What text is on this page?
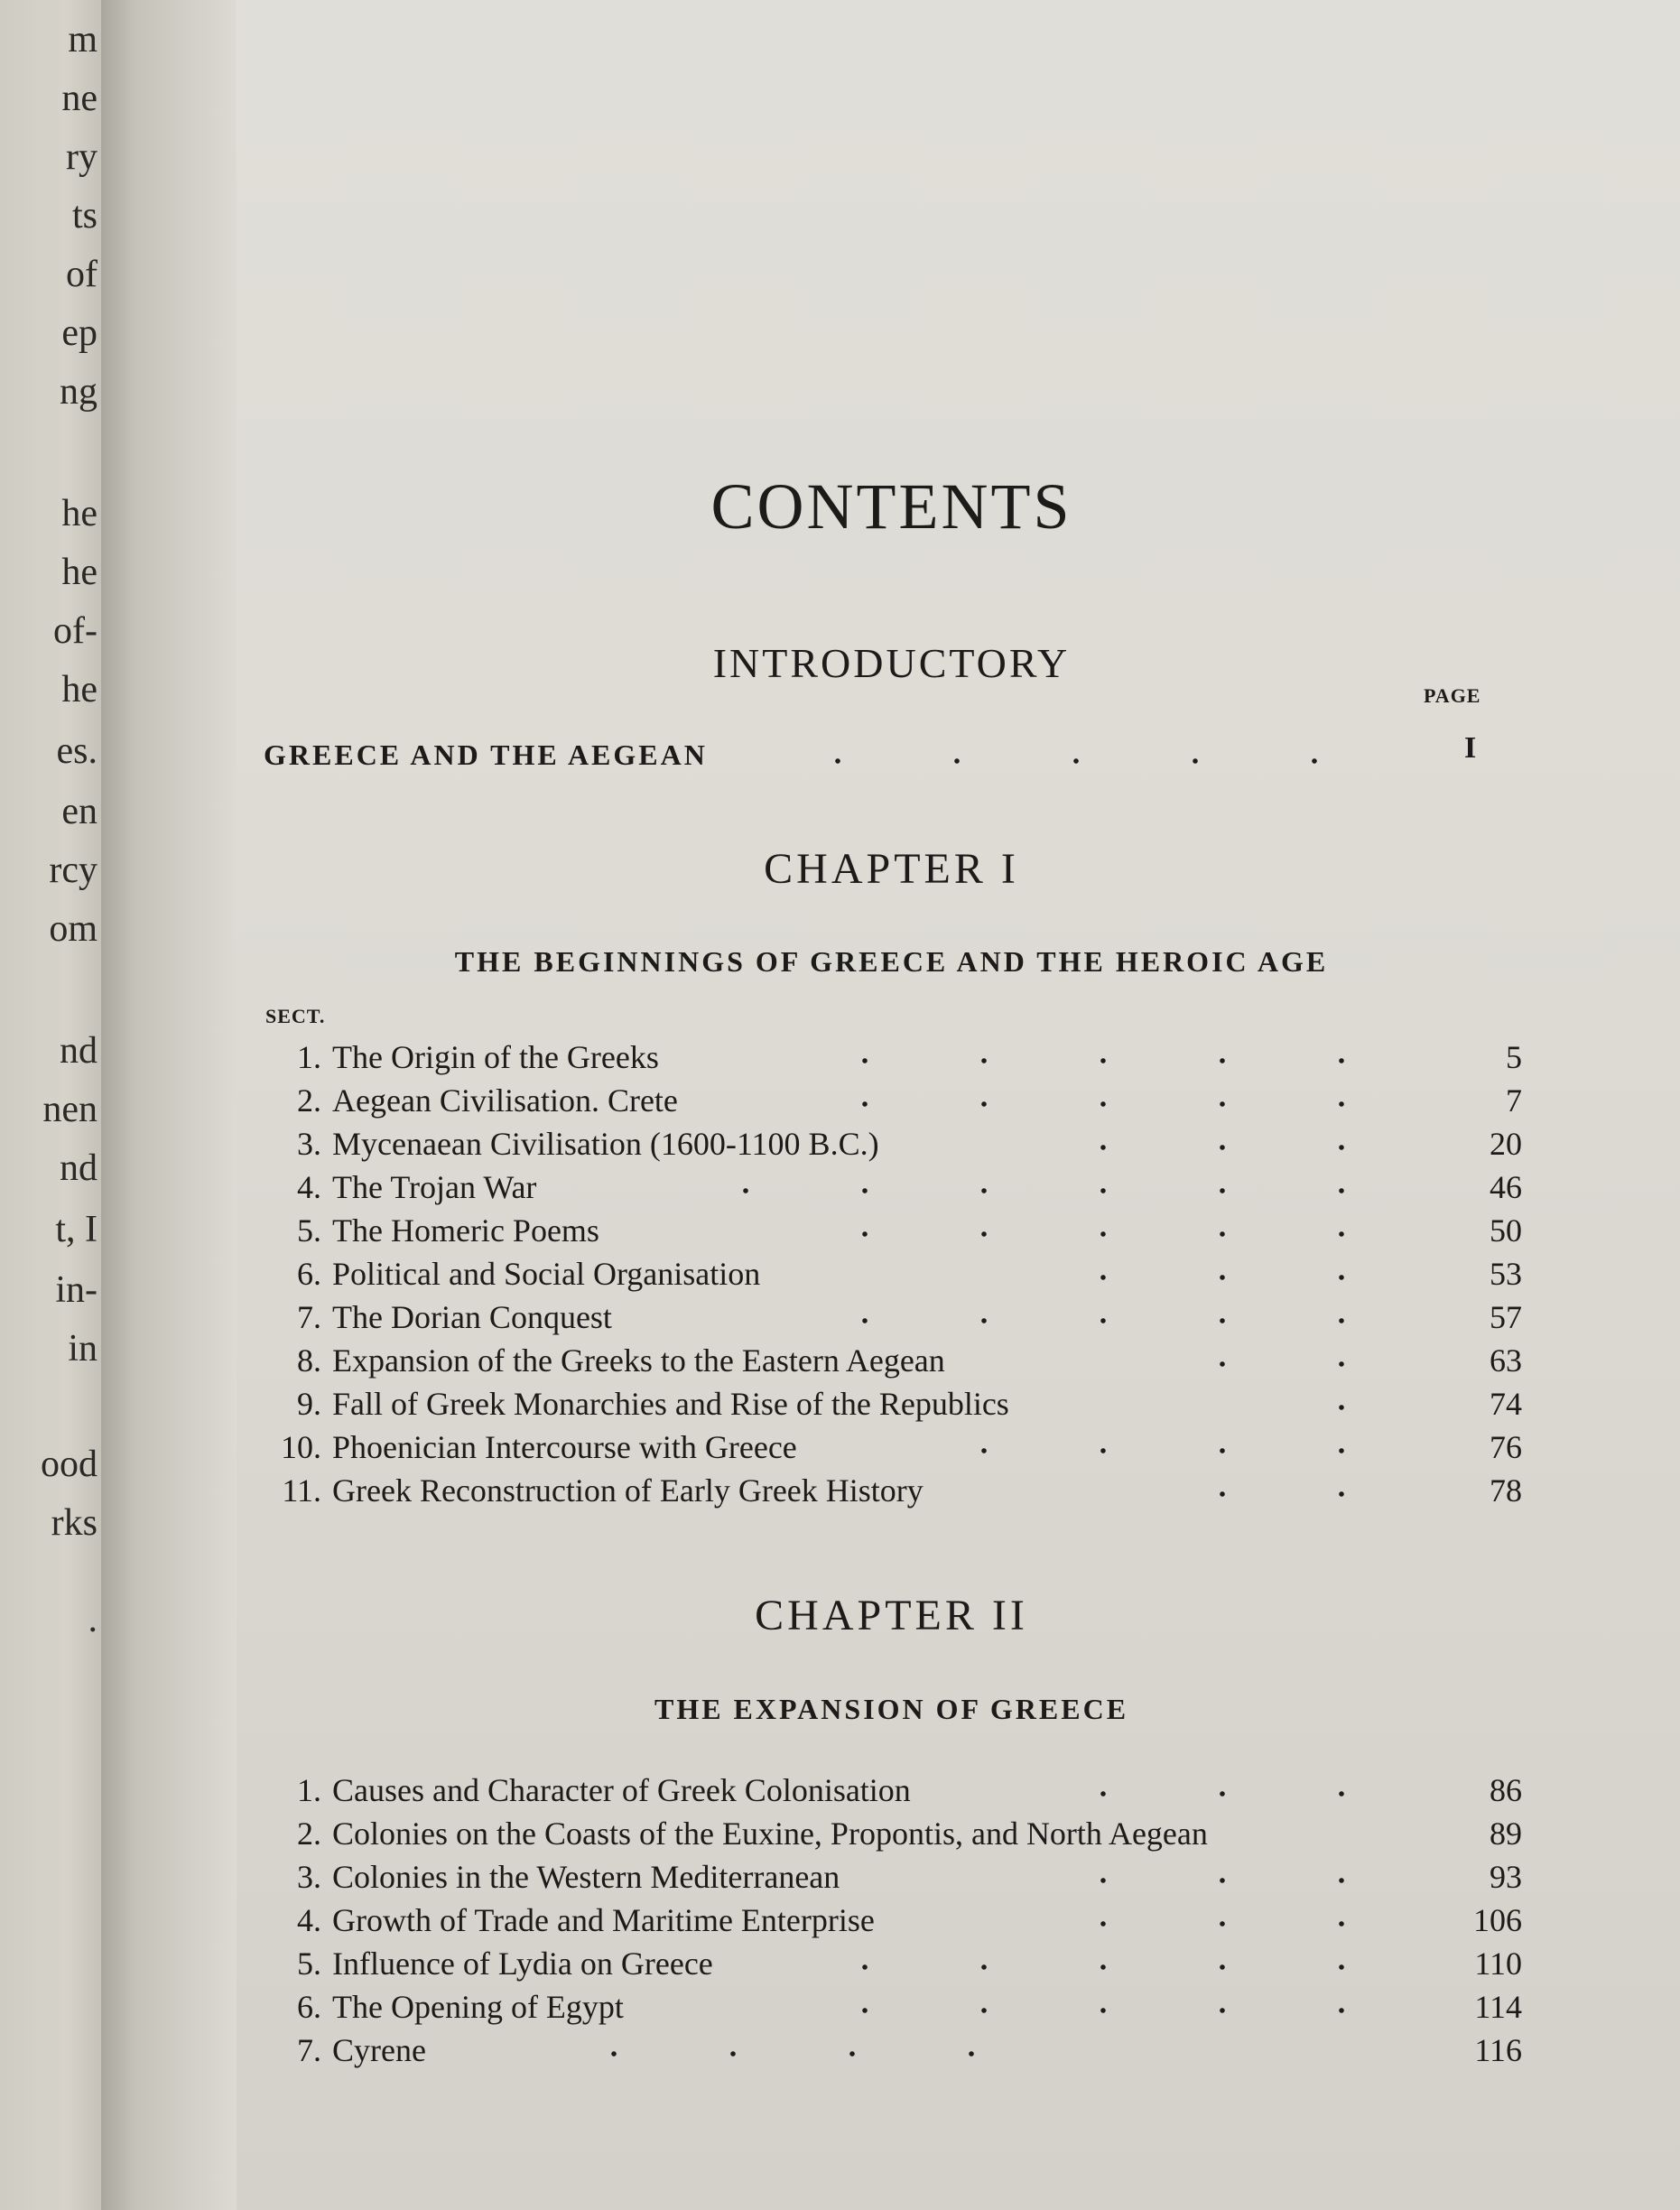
m
ne
ry
ts
of
ep
ng
he
he
of-
he
es.
en
rcy
om
nd
nen
nd
t, I
in-
in
ood
rks
.
CONTENTS
INTRODUCTORY
PAGE
GREECE AND THE AEGEAN	I
CHAPTER I
THE BEGINNINGS OF GREECE AND THE HEROIC AGE
SECT.
1. The Origin of the Greeks	5
2. Aegean Civilisation. Crete	7
3. Mycenaean Civilisation (1600-1100 B.C.)	20
4. The Trojan War	46
5. The Homeric Poems	50
6. Political and Social Organisation	53
7. The Dorian Conquest	57
8. Expansion of the Greeks to the Eastern Aegean	63
9. Fall of Greek Monarchies and Rise of the Republics	74
10. Phoenician Intercourse with Greece	76
11. Greek Reconstruction of Early Greek History	78
CHAPTER II
THE EXPANSION OF GREECE
1. Causes and Character of Greek Colonisation	86
2. Colonies on the Coasts of the Euxine, Propontis, and North Aegean	89
3. Colonies in the Western Mediterranean	93
4. Growth of Trade and Maritime Enterprise	106
5. Influence of Lydia on Greece	110
6. The Opening of Egypt	114
7. Cyrene	116
